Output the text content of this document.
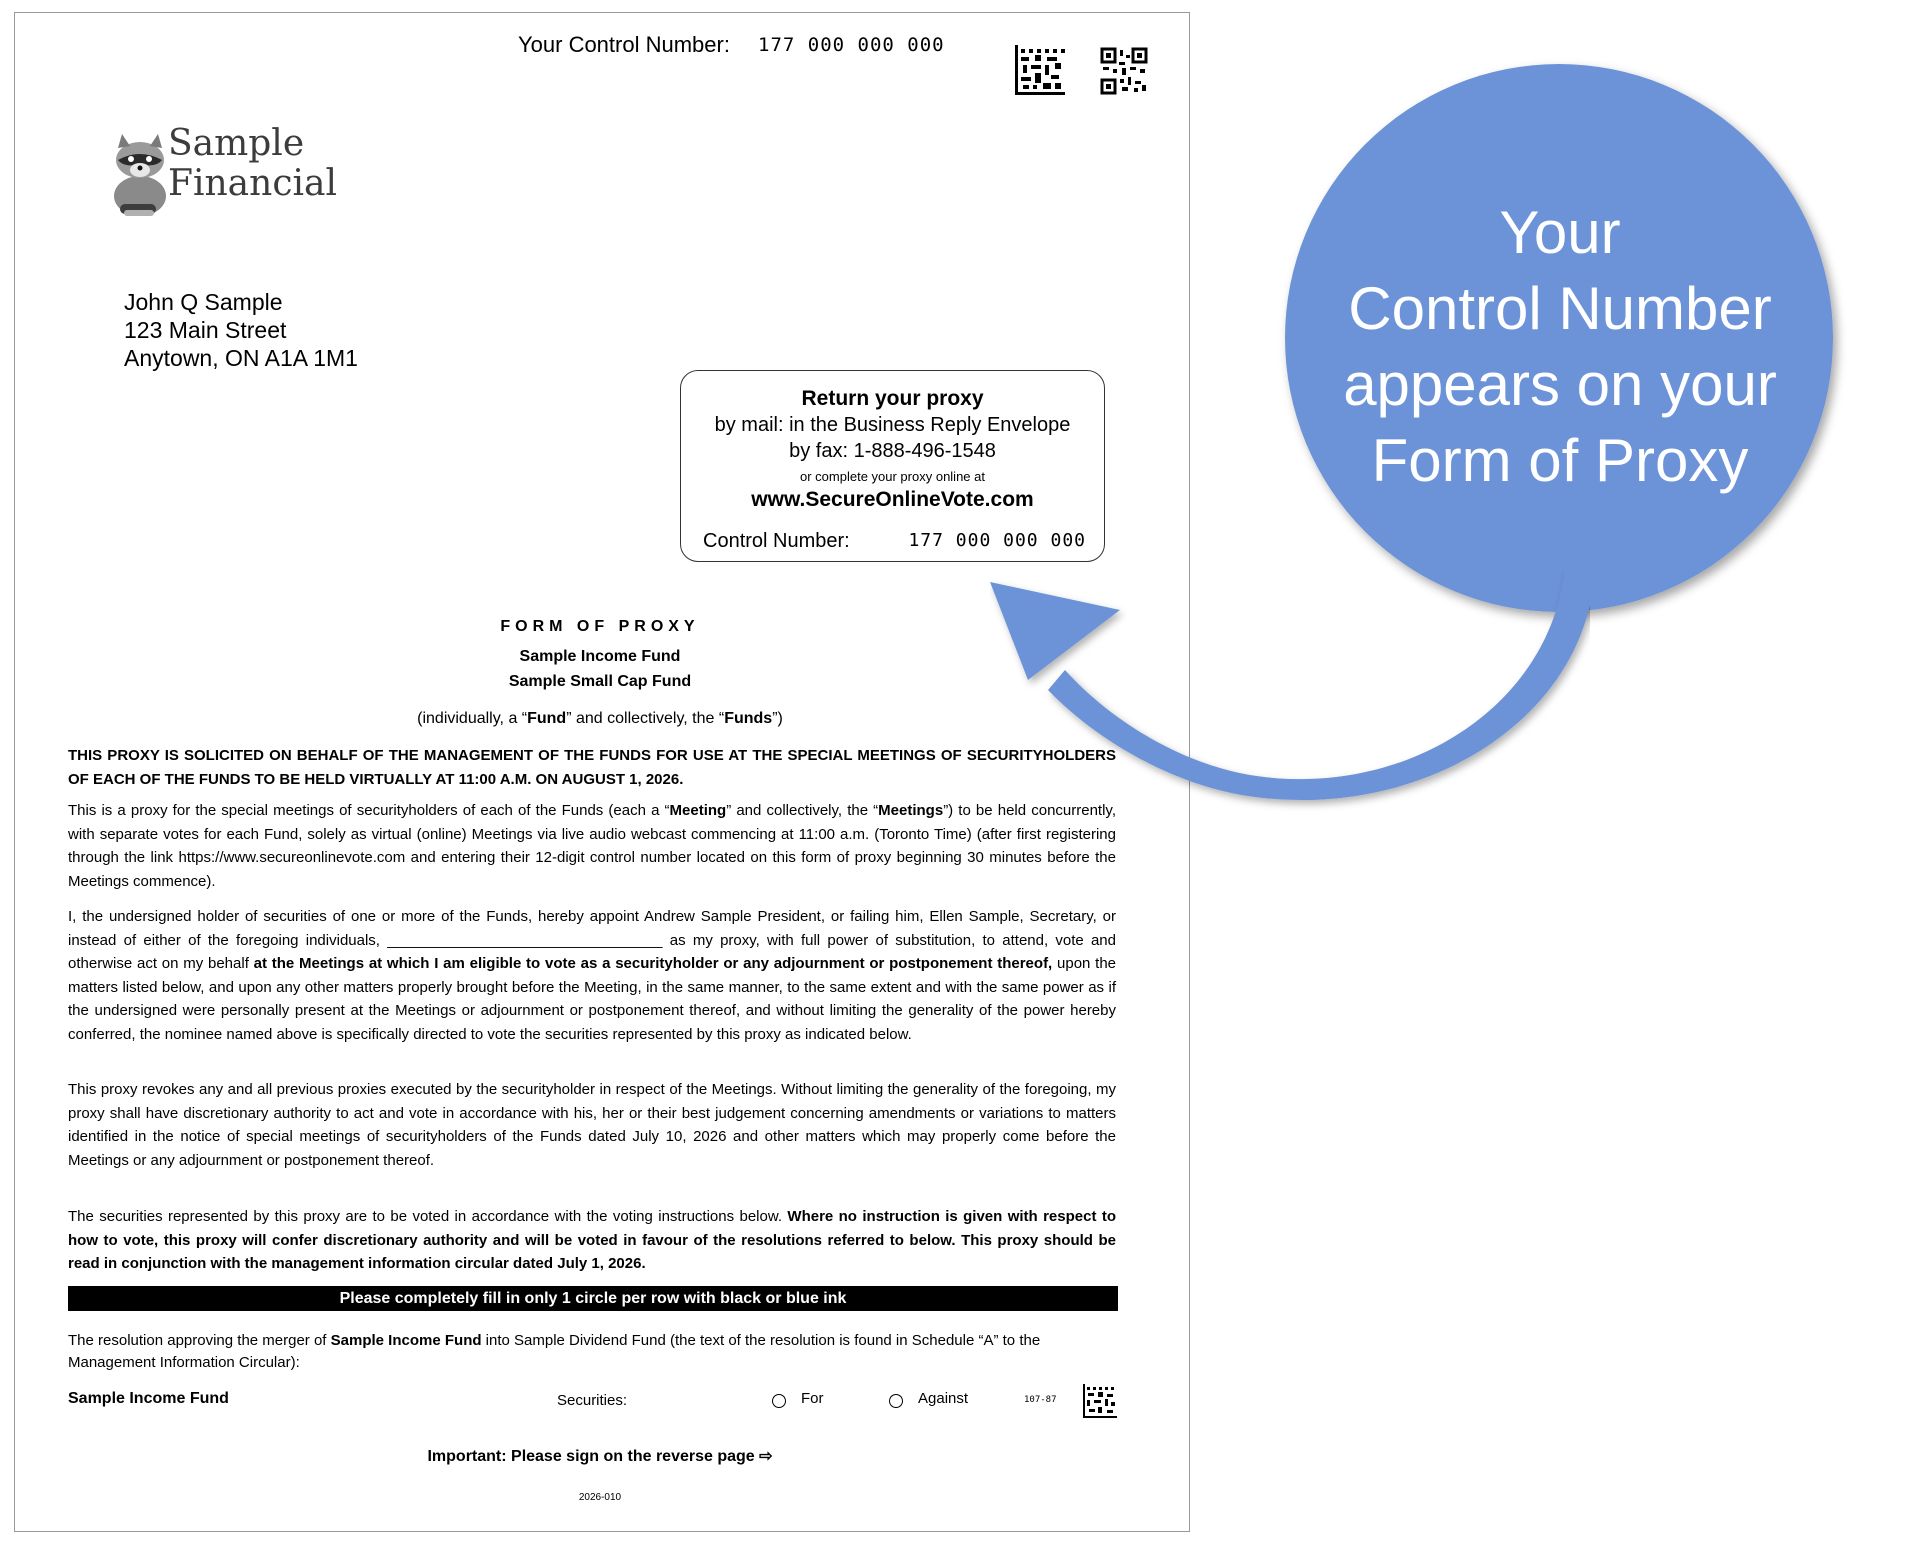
Your Control Number: 177 000 000 000
Sample
Financial
John Q Sample
123 Main Street
Anytown, ON A1A 1M1
Return your proxy
by mail: in the Business Reply Envelope
by fax: 1-888-496-1548
or complete your proxy online at
www.SecureOnlineVote.com
Control Number:	177 000 000 000
FORM OF PROXY
Sample Income Fund
Sample Small Cap Fund
(individually, a “Fund” and collectively, the “Funds”)
THIS PROXY IS SOLICITED ON BEHALF OF THE MANAGEMENT OF THE FUNDS FOR USE AT THE SPECIAL MEETINGS OF SECURITYHOLDERS OF EACH OF THE FUNDS TO BE HELD VIRTUALLY AT 11:00 A.M. ON AUGUST 1, 2026.
This is a proxy for the special meetings of securityholders of each of the Funds (each a “Meeting” and collectively, the “Meetings”) to be held concurrently, with separate votes for each Fund, solely as virtual (online) Meetings via live audio webcast commencing at 11:00 a.m. (Toronto Time) (after first registering through the link https://www.secureonlinevote.com and entering their 12-digit control number located on this form of proxy beginning 30 minutes before the Meetings commence).
I, the undersigned holder of securities of one or more of the Funds, hereby appoint Andrew Sample President, or failing him, Ellen Sample, Secretary, or instead of either of the foregoing individuals, _________________________________ as my proxy, with full power of substitution, to attend, vote and otherwise act on my behalf at the Meetings at which I am eligible to vote as a securityholder or any adjournment or postponement thereof, upon the matters listed below, and upon any other matters properly brought before the Meeting, in the same manner, to the same extent and with the same power as if the undersigned were personally present at the Meetings or adjournment or postponement thereof, and without limiting the generality of the power hereby conferred, the nominee named above is specifically directed to vote the securities represented by this proxy as indicated below.
This proxy revokes any and all previous proxies executed by the securityholder in respect of the Meetings. Without limiting the generality of the foregoing, my proxy shall have discretionary authority to act and vote in accordance with his, her or their best judgement concerning amendments or variations to matters identified in the notice of special meetings of securityholders of the Funds dated July 10, 2026 and other matters which may properly come before the Meetings or any adjournment or postponement thereof.
The securities represented by this proxy are to be voted in accordance with the voting instructions below. Where no instruction is given with respect to how to vote, this proxy will confer discretionary authority and will be voted in favour of the resolutions referred to below. This proxy should be read in conjunction with the management information circular dated July 1, 2026.
Please completely fill in only 1 circle per row with black or blue ink
The resolution approving the merger of Sample Income Fund into Sample Dividend Fund (the text of the resolution is found in Schedule “A” to the Management Information Circular):
Sample Income Fund	Securities:	For	Against	107-87
Important: Please sign on the reverse page ⇨
2026-010
Your
Control Number
appears on your
Form of Proxy
